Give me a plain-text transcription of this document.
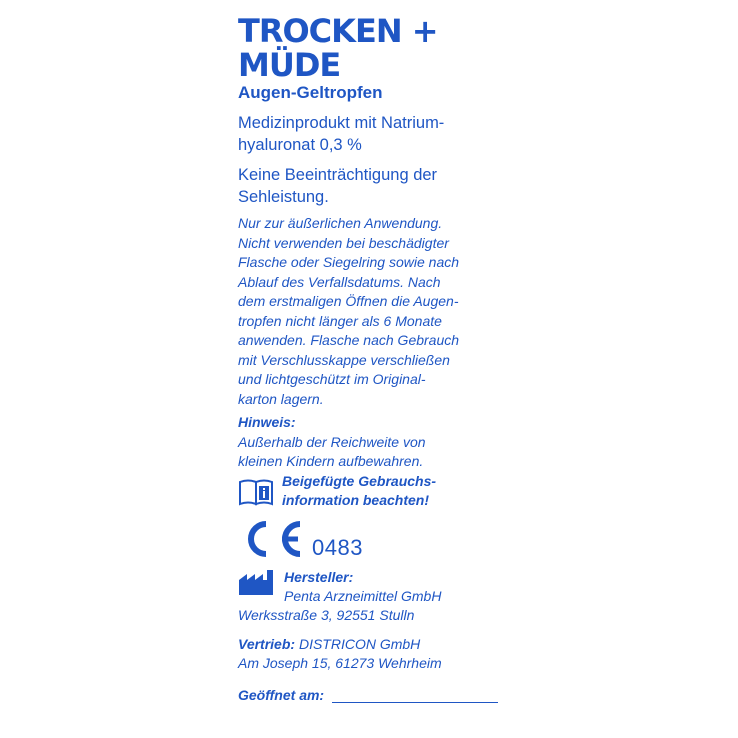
TROCKEN +
MÜDE
Augen-Geltropfen
Medizinprodukt mit Natrium-
hyaluronat 0,3 %
Keine Beeinträchtigung der
Sehleistung.
Nur zur äußerlichen Anwendung.
Nicht verwenden bei beschädigter
Flasche oder Siegelring sowie nach
Ablauf des Verfallsdatums. Nach
dem erstmaligen Öffnen die Augen-
tropfen nicht länger als 6 Monate
anwenden. Flasche nach Gebrauch
mit Verschlusskappe verschließen
und lichtgeschützt im Original-
karton lagern.
Hinweis:
Außerhalb der Reichweite von
kleinen Kindern aufbewahren.
Beigefügte Gebrauchs-
information beachten!
0483
Hersteller:
Penta Arzneimittel GmbH
Werksstraße 3, 92551 Stulln
Vertrieb: DISTRICON GmbH
Am Joseph 15, 61273 Wehrheim
Geöffnet am:
